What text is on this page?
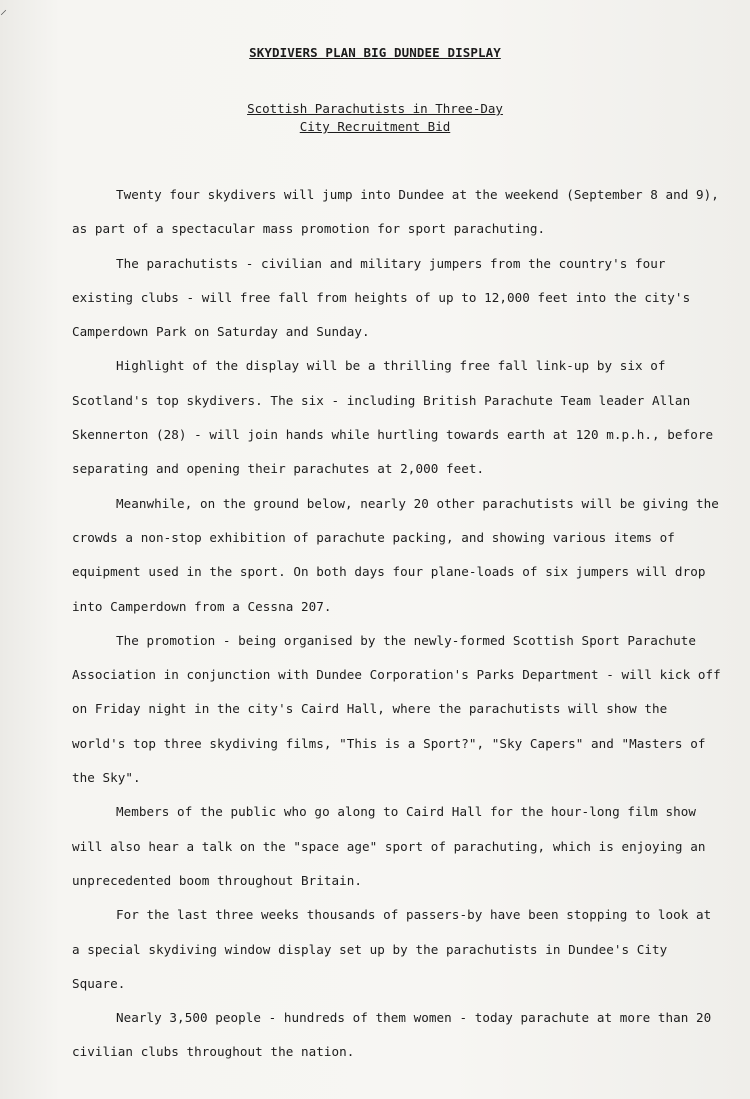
⸝
SKYDIVERS PLAN BIG DUNDEE DISPLAY
Scottish Parachutists in Three-Day
City Recruitment Bid

Twenty four skydivers will jump into Dundee at the weekend (September 8 and 9), as part of a spectacular mass promotion for sport parachuting.

The parachutists - civilian and military jumpers from the country's four existing clubs - will free fall from heights of up to 12,000 feet into the city's Camperdown Park on Saturday and Sunday.

Highlight of the display will be a thrilling free fall link-up by six of Scotland's top skydivers. The six - including British Parachute Team leader Allan Skennerton (28) - will join hands while hurtling towards earth at 120 m.p.h., before separating and opening their parachutes at 2,000 feet.

Meanwhile, on the ground below, nearly 20 other parachutists will be giving the crowds a non-stop exhibition of parachute packing, and showing various items of equipment used in the sport. On both days four plane-loads of six jumpers will drop into Camperdown from a Cessna 207.

The promotion - being organised by the newly-formed Scottish Sport Parachute Association in conjunction with Dundee Corporation's Parks Department - will kick off on Friday night in the city's Caird Hall, where the parachutists will show the world's top three skydiving films, "This is a Sport?", "Sky Capers" and "Masters of the Sky".

Members of the public who go along to Caird Hall for the hour-long film show will also hear a talk on the "space age" sport of parachuting, which is enjoying an unprecedented boom throughout Britain.

For the last three weeks thousands of passers-by have been stopping to look at a special skydiving window display set up by the parachutists in Dundee's City Square.

Nearly 3,500 people - hundreds of them women - today parachute at more than 20 civilian clubs throughout the nation.
